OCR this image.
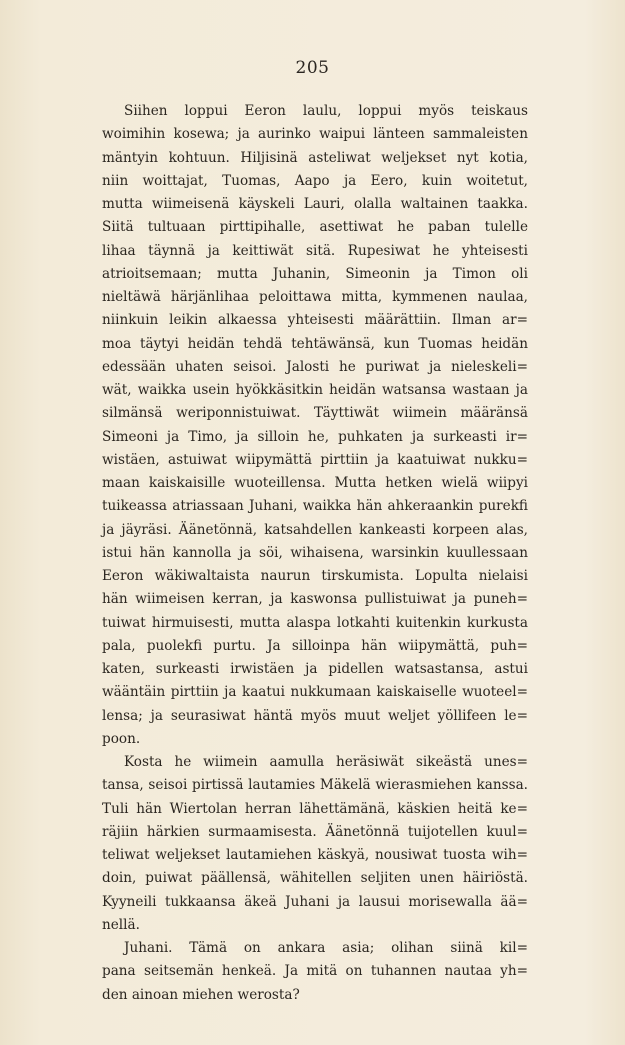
205
Siihen loppui Eeron laulu, loppui myös teiskaus
woimihin kosewa; ja aurinko waipui länteen sammaleisten
mäntyin kohtuun. Hiljisinä asteliwat weljekset nyt kotia,
niin woittajat, Tuomas, Aapo ja Eero, kuin woitetut,
mutta wiimeisenä käyskeli Lauri, olalla waltainen taakka.
Siitä tultuaan pirttipihalle, asettiwat he paban tulelle
lihaa täynnä ja keittiwät sitä. Rupesiwat he yhteisesti
atrioitsemaan; mutta Juhanin, Simeonin ja Timon oli
nieltäwä härjänlihaa peloittawa mitta, kymmenen naulaa,
niinkuin leikin alkaessa yhteisesti määrättiin. Ilman ar=
moa täytyi heidän tehdä tehtäwänsä, kun Tuomas heidän
edessään uhaten seisoi. Jalosti he puriwat ja nieleskeli=
wät, waikka usein hyökkäsitkin heidän watsansa wastaan ja
silmänsä weriponnistuiwat. Täyttiwät wiimein määränsä
Simeoni ja Timo, ja silloin he, puhkaten ja surkeasti ir=
wistäen, astuiwat wiipymättä pirttiin ja kaatuiwat nukku=
maan kaiskaisille wuoteillensa. Mutta hetken wielä wiipyi
tuikeassa atriassaan Juhani, waikka hän ahkeraankin purekfi
ja jäyräsi. Äänetönnä, katsahdellen kankeasti korpeen alas,
istui hän kannolla ja söi, wihaisena, warsinkin kuullessaan
Eeron wäkiwaltaista naurun tirskumista. Lopulta nielaisi
hän wiimeisen kerran, ja kaswonsa pullistuiwat ja puneh=
tuiwat hirmuisesti, mutta alaspa lotkahti kuitenkin kurkusta
pala, puolekfi purtu. Ja silloinpa hän wiipymättä, puh=
katen, surkeasti irwistäen ja pidellen watsastansa, astui
wääntäin pirttiin ja kaatui nukkumaan kaiskaiselle wuoteel=
lensa; ja seurasiwat häntä myös muut weljet yöllifeen le=
poon.
Kosta he wiimein aamulla heräsiwät sikeästä unes=
tansa, seisoi pirtissä lautamies Mäkelä wierasmiehen kanssa.
Tuli hän Wiertolan herran lähettämänä, käskien heitä ke=
räjiin härkien surmaamisesta. Äänetönnä tuijotellen kuul=
teliwat weljekset lautamiehen käskyä, nousiwat tuosta wih=
doin, puiwat päällensä, wähitellen seljiten unen häiriöstä.
Kyyneili tukkaansa äkeä Juhani ja lausui morisewalla ää=
nellä.
Juhani. Tämä on ankara asia; olihan siinä kil=
pana seitsemän henkeä. Ja mitä on tuhannen nautaa yh=
den ainoan miehen werosta?
